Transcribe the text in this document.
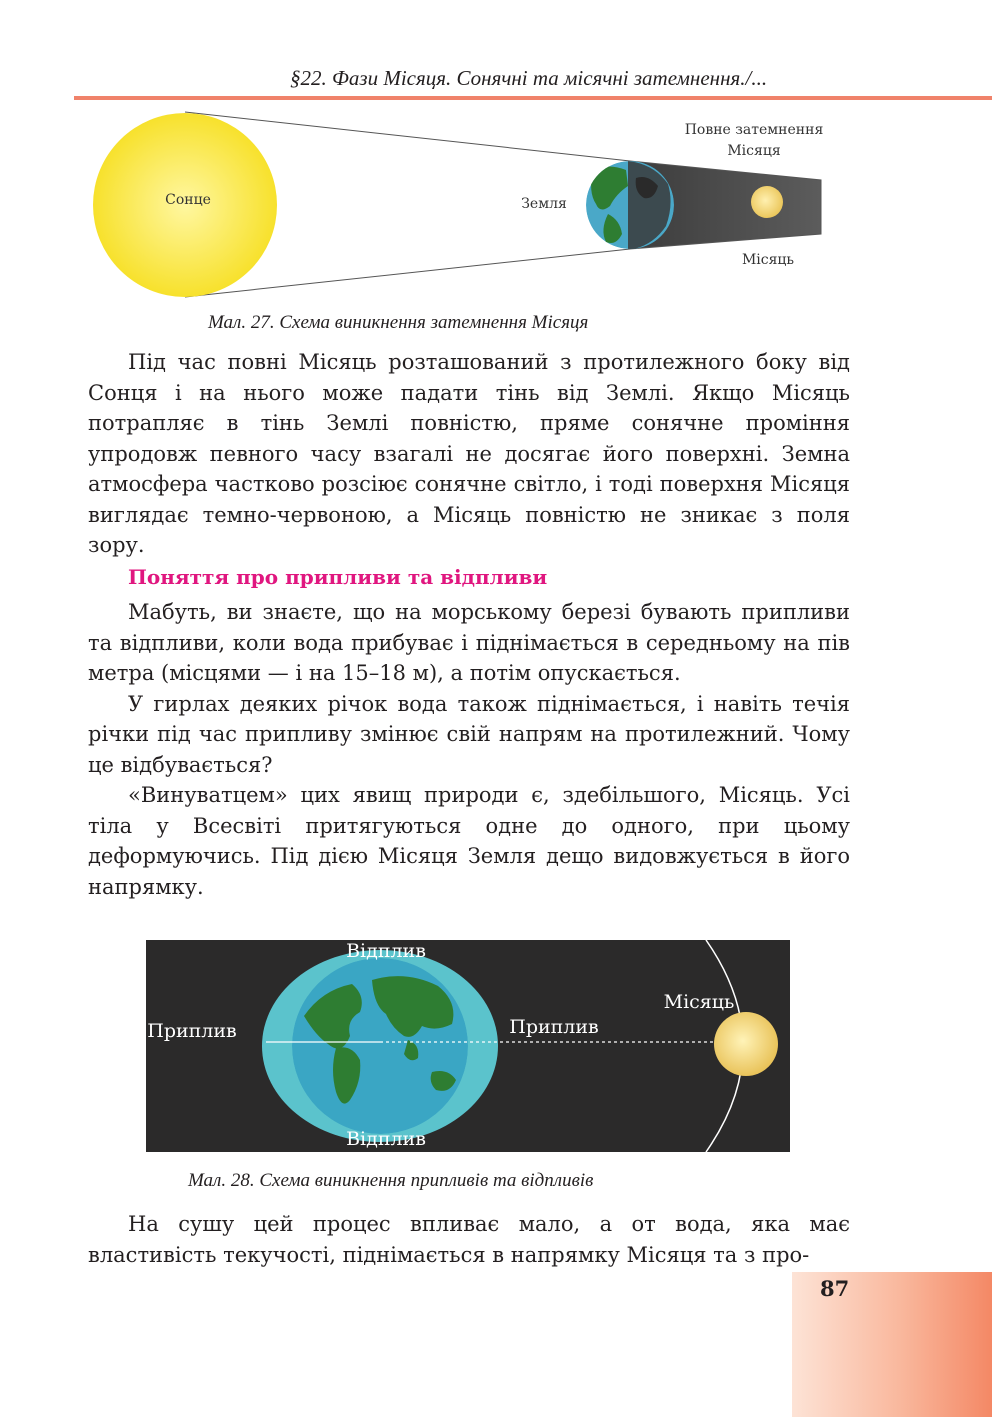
§22. Фази Місяця. Сонячні та місячні затемнення./...
Сонце	Земля
Повне затемнення
Місяця
Місяць
Мал. 27. Схема виникнення затемнення Місяця

Під час повні Місяць розташований з протилежного боку від Сонця і на нього може падати тінь від Землі. Якщо Місяць потрапляє в тінь Землі повністю, пряме сонячне проміння упродовж певного часу взагалі не досягає його поверхні. Земна атмосфера частково розсіює сонячне світло, і тоді поверхня Місяця виглядає темно-червоною, а Місяць повністю не зникає з поля зору.

Поняття про припливи та відпливи

Мабуть, ви знаєте, що на морському березі бувають припливи та відпливи, коли вода прибуває і піднімається в середньому на пів метра (місцями — і на 15–18 м), а потім опускається.

У гирлах деяких річок вода також піднімається, і навіть течія річки під час припливу змінює свій напрям на протилежний. Чому це відбувається?

«Винуватцем» цих явищ природи є, здебільшого, Місяць. Усі тіла у Всесвіті притягуються одне до одного, при цьому деформуючись. Під дією Місяця Земля дещо видовжується в його напрямку.

Відплив
Відплив
Приплив	Приплив
Місяць
Мал. 28. Схема виникнення припливів та відпливів

На сушу цей процес впливає мало, а от вода, яка має властивість текучості, піднімається в напрямку Місяця та з про-

87
